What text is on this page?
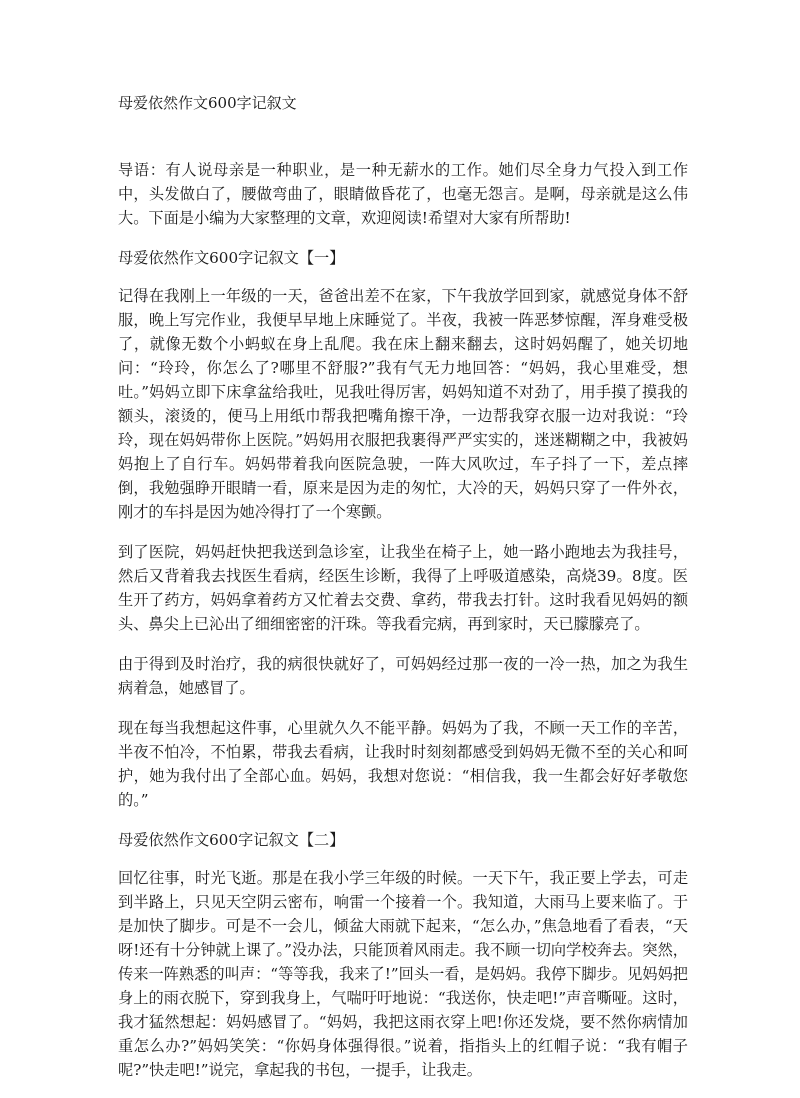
母爱依然作文600字记叙文

导语：有人说母亲是一种职业，是一种无薪水的工作。她们尽全身力气投入到工作中，头发做白了，腰做弯曲了，眼睛做昏花了，也毫无怨言。是啊，母亲就是这么伟大。下面是小编为大家整理的文章，欢迎阅读!希望对大家有所帮助!

母爱依然作文600字记叙文【一】

记得在我刚上一年级的一天，爸爸出差不在家，下午我放学回到家，就感觉身体不舒服，晚上写完作业，我便早早地上床睡觉了。半夜，我被一阵恶梦惊醒，浑身难受极了，就像无数个小蚂蚁在身上乱爬。我在床上翻来翻去，这时妈妈醒了，她关切地问：“玲玲，你怎么了?哪里不舒服?”我有气无力地回答：“妈妈，我心里难受，想吐。”妈妈立即下床拿盆给我吐，见我吐得厉害，妈妈知道不对劲了，用手摸了摸我的额头，滚烫的，便马上用纸巾帮我把嘴角擦干净，一边帮我穿衣服一边对我说：“玲玲，现在妈妈带你上医院。”妈妈用衣服把我裹得严严实实的，迷迷糊糊之中，我被妈妈抱上了自行车。妈妈带着我向医院急驶，一阵大风吹过，车子抖了一下，差点摔倒，我勉强睁开眼睛一看，原来是因为走的匆忙，大冷的天，妈妈只穿了一件外衣，刚才的车抖是因为她冷得打了一个寒颤。

到了医院，妈妈赶快把我送到急诊室，让我坐在椅子上，她一路小跑地去为我挂号，然后又背着我去找医生看病，经医生诊断，我得了上呼吸道感染，高烧39。8度。医生开了药方，妈妈拿着药方又忙着去交费、拿药，带我去打针。这时我看见妈妈的额头、鼻尖上已沁出了细细密密的汗珠。等我看完病，再到家时，天已朦朦亮了。

由于得到及时治疗，我的病很快就好了，可妈妈经过那一夜的一冷一热，加之为我生病着急，她感冒了。

现在每当我想起这件事，心里就久久不能平静。妈妈为了我，不顾一天工作的辛苦，半夜不怕冷，不怕累，带我去看病，让我时时刻刻都感受到妈妈无微不至的关心和呵护，她为我付出了全部心血。妈妈，我想对您说：“相信我，我一生都会好好孝敬您的。”

母爱依然作文600字记叙文【二】

回忆往事，时光飞逝。那是在我小学三年级的时候。一天下午，我正要上学去，可走到半路上，只见天空阴云密布，响雷一个接着一个。我知道，大雨马上要来临了。于是加快了脚步。可是不一会儿，倾盆大雨就下起来，“怎么办，”焦急地看了看表，“天呀!还有十分钟就上课了。”没办法，只能顶着风雨走。我不顾一切向学校奔去。突然，传来一阵熟悉的叫声：“等等我，我来了!”回头一看，是妈妈。我停下脚步。见妈妈把身上的雨衣脱下，穿到我身上，气喘吁吁地说：“我送你，快走吧!”声音嘶哑。这时，我才猛然想起：妈妈感冒了。“妈妈，我把这雨衣穿上吧!你还发烧，要不然你病情加重怎么办?”妈妈笑笑：“你妈身体强得很。”说着，指指头上的红帽子说：“我有帽子呢?”快走吧!”说完，拿起我的书包，一提手，让我走。
